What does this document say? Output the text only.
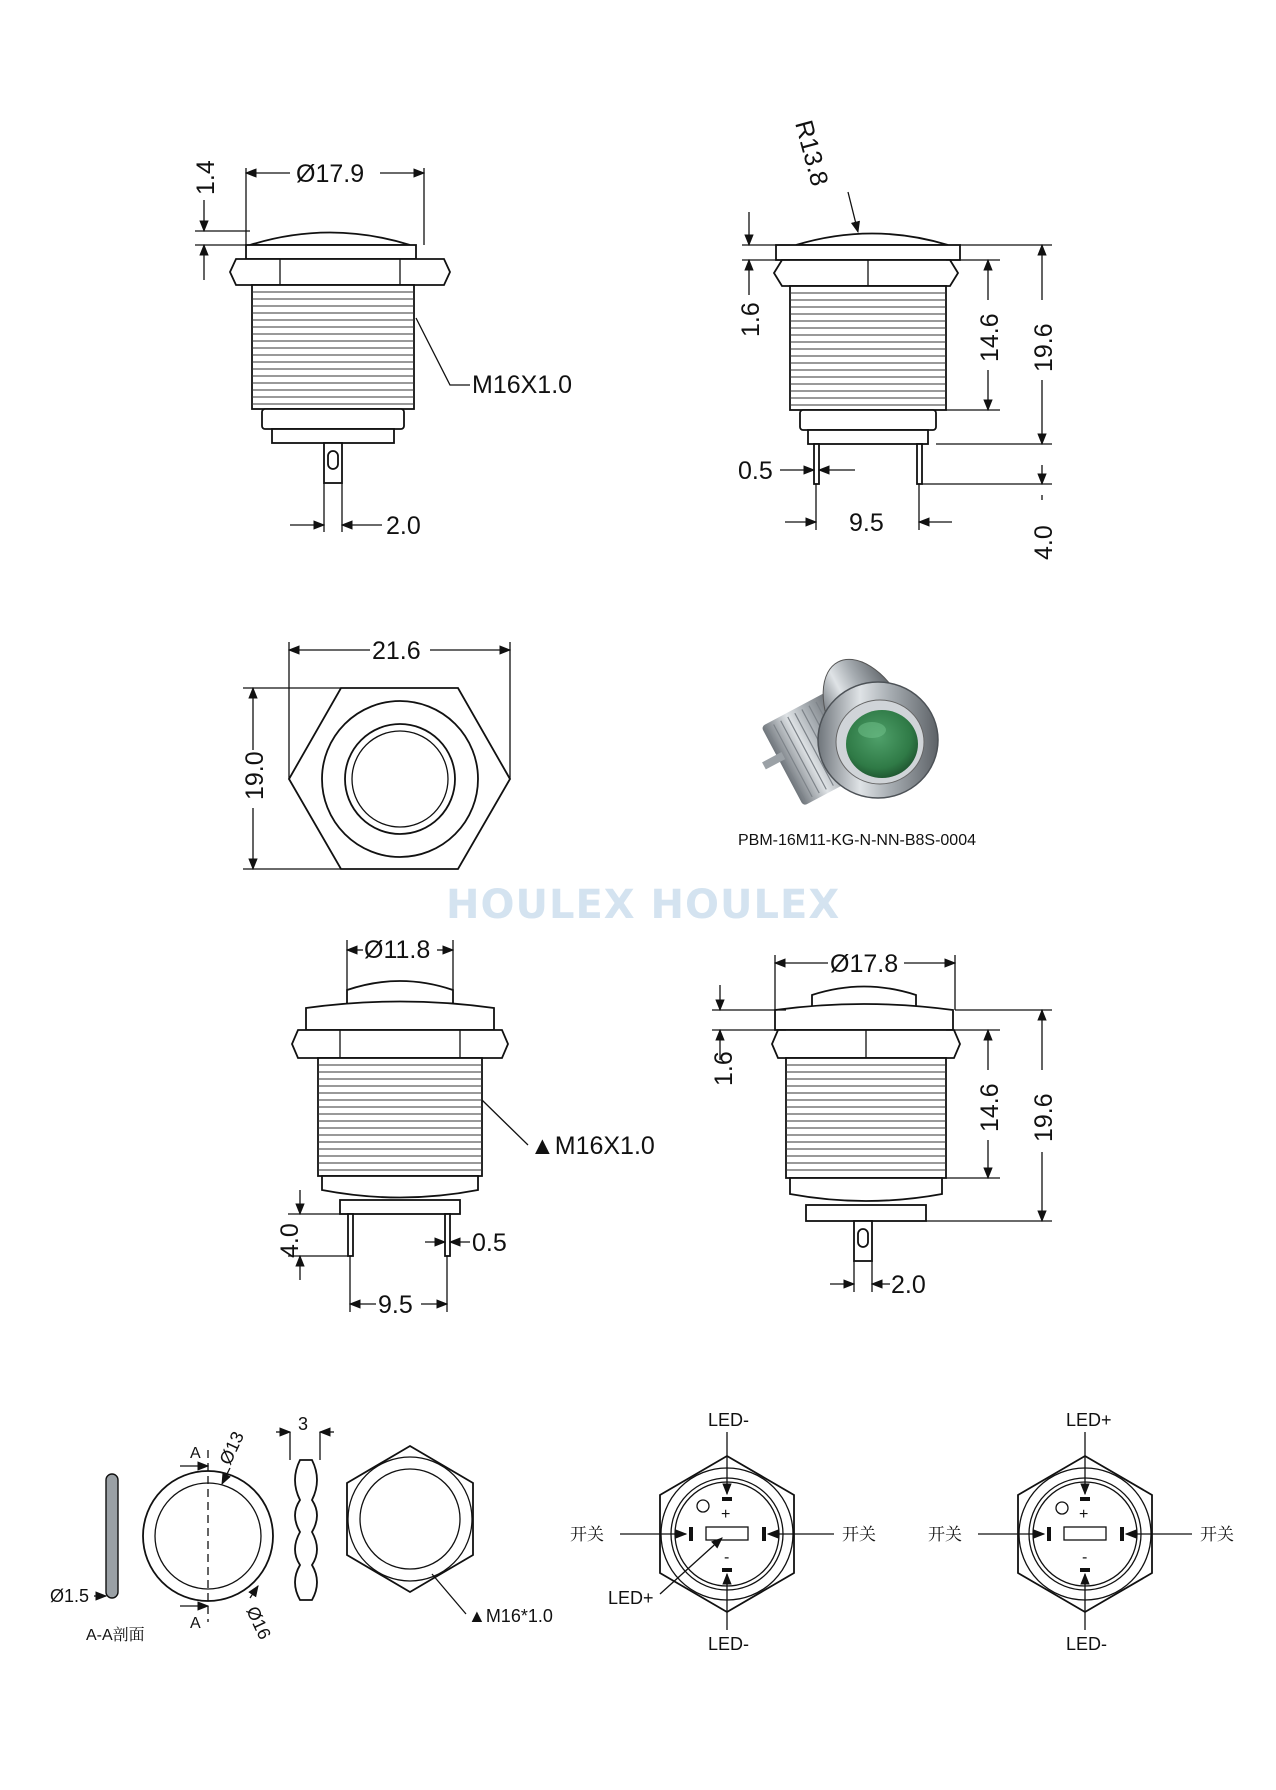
Ø17.9
1.4
M16X1.0
2.0
R13.8
1.6	14.6 19.6
4.0
0.5
9.5
21.6
19.0
PBM-16M11-KG-N-NN-B8S-0004
HOULEX HOULEX
Ø11.8
▲M16X1.0
4.0	0.5
9.5
Ø17.8
1.6
14.6 19.6
2.0
Ø1.5
A-A剖面
A
A
Ø13
Ø16
3
▲M16*1.0
+
-
LED-
开关	开关
LED+
LED-
+
-
LED+
开关	开关
LED-
